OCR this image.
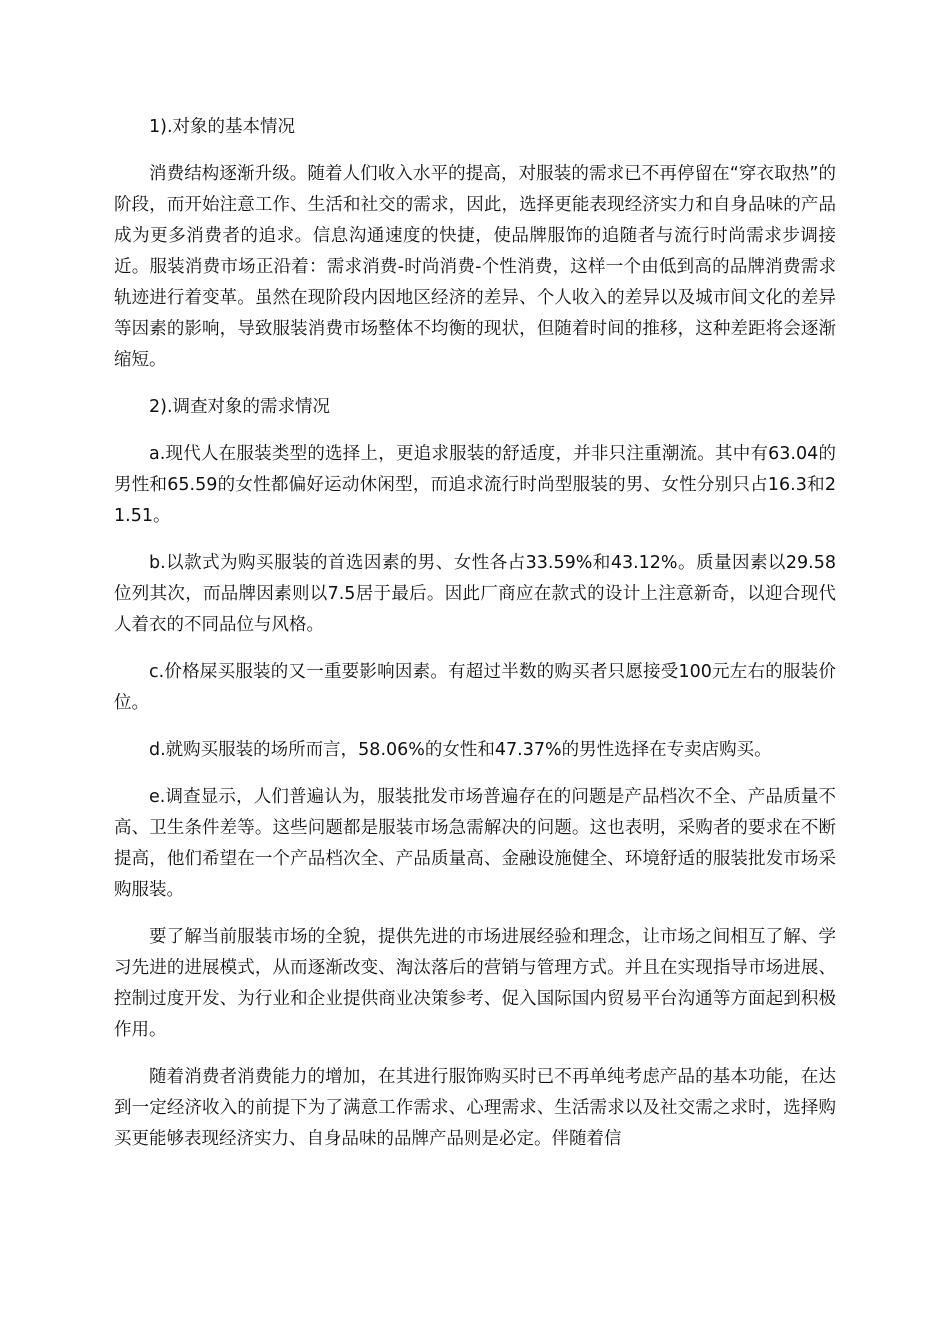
1).对象的基本情况

消费结构逐渐升级。随着人们收入水平的提高，对服装的需求已不再停留在“穿衣取热”的阶段，而开始注意工作、生活和社交的需求，因此，选择更能表现经济实力和自身品味的产品成为更多消费者的追求。信息沟通速度的快捷，使品牌服饰的追随者与流行时尚需求步调接近。服装消费市场正沿着：需求消费-时尚消费-个性消费，这样一个由低到高的品牌消费需求轨迹进行着变革。虽然在现阶段内因地区经济的差异、个人收入的差异以及城市间文化的差异等因素的影响，导致服装消费市场整体不均衡的现状，但随着时间的推移，这种差距将会逐渐缩短。

2).调查对象的需求情况

a.现代人在服装类型的选择上，更追求服装的舒适度，并非只注重潮流。其中有63.04的男性和65.59的女性都偏好运动休闲型，而追求流行时尚型服装的男、女性分别只占16.3和21.51。

b.以款式为购买服装的首选因素的男、女性各占33.59%和43.12%。质量因素以29.58位列其次，而品牌因素则以7.5居于最后。因此厂商应在款式的设计上注意新奇，以迎合现代人着衣的不同品位与风格。

c.价格屎买服装的又一重要影响因素。有超过半数的购买者只愿接受100元左右的服装价位。

d.就购买服装的场所而言，58.06%的女性和47.37%的男性选择在专卖店购买。

e.调查显示，人们普遍认为，服装批发市场普遍存在的问题是产品档次不全、产品质量不高、卫生条件差等。这些问题都是服装市场急需解决的问题。这也表明，采购者的要求在不断提高，他们希望在一个产品档次全、产品质量高、金融设施健全、环境舒适的服装批发市场采购服装。

要了解当前服装市场的全貌，提供先进的市场进展经验和理念，让市场之间相互了解、学习先进的进展模式，从而逐渐改变、淘汰落后的营销与管理方式。并且在实现指导市场进展、控制过度开发、为行业和企业提供商业决策参考、促入国际国内贸易平台沟通等方面起到积极作用。

随着消费者消费能力的增加，在其进行服饰购买时已不再单纯考虑产品的基本功能，在达到一定经济收入的前提下为了满意工作需求、心理需求、生活需求以及社交需之求时，选择购买更能够表现经济实力、自身品味的品牌产品则是必定。伴随着信
